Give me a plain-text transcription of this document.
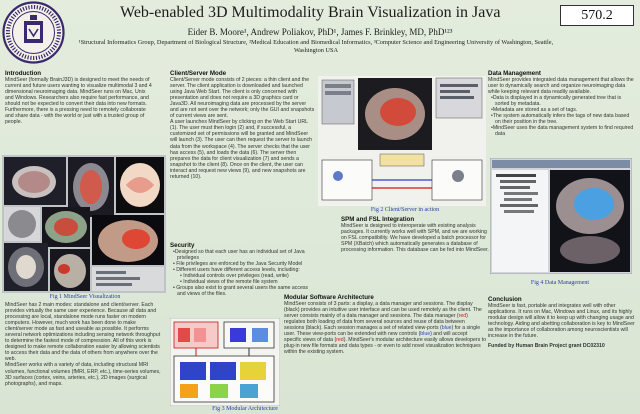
Web-enabled 3D Multimodality Brain Visualization in Java	570.2
Eider B. Moore¹, Andrew Poliakov, PhD¹, James F. Brinkley, MD, PhD¹²³
¹Structural Informatics Group, Department of Biological Structure, ²Medical Education and Biomedical Informatics, ³Computer Science and Engineering University of Washington, Seattle, Washington USA
Introduction

MindSeer (formally BrainJ3D) is designed to meet the needs of current and future users wanting to visualize multimodal 3 and 4 dimensional neuroimaging data. MindSeer runs on Mac, Unix and Windows. Researchers also require fast performance, and should not be expected to convert their data into new formats. Furthermore, there is a pressing need to remotely collaborate and share data - with the world or just with a trusted group of people.

Fig 1 MindSeer Visualization

MindSeer has 2 main modes: standalone and client/server. Each provides virtually the same user experience. Because all data and processing are local, standalone mode runs faster on modern computers. However, much work has been done to make client/server mode as fast and useable as possible. It performs several network optimizations including sensing network throughput to determine the fastest mode of compression. All of this work is designed to make remote collaboration easier by allowing scientists to access their data and the data of others from anywhere over the web.

MindSeer works with a variety of data, including structural MRI volumes, functional volumes (fMRI, ERP, etc.), time-series volumes, 3D surfaces (cortex, veins, arteries, etc.), 2D images (surgical photographs), and maps.

Client/Server Mode

Client/Server mode consists of 2 pieces: a thin client and the server. The client application is downloaded and launched using Java Web Start. The client is only concerned with presentation and does not require a 3D graphics card or Java3D. All neuroimaging data are processed by the server and are not sent over the network; only the GUI and snapshots of current views are sent.

A user launches MindSeer by clicking on the Web Start URL (1). The user must then login (2) and, if successful, a customized set of permissions will be granted and MindSeer will launch (3). The user can then request the server to launch data from the workspace (4). The server checks that the user has access (5), and loads the data (6). The server then prepares the data for client visualization (7) and sends a snapshot to the client (8). Once on the client, the user can interact and request new views (9), and new snapshots are returned (10).

Security

•Designed so that each user has an individual set of Java privileges

• File privileges are enforced by the Java Security Model

• Different users have different access levels, including:

• Individual controls over privileges (read, write)

• Individual views of the remote file system

• Groups also exist to grant several users the same access and views of the files.

Fig 3 Modular Architecture
Fig 2 Client/Server in action
SPM and FSL Integration

MindSeer is designed to interoperate with existing analysis packages. It currently works well with SPM, and we are working on FSL compatibility. We have developed a batch processor for SPM (XBatch) which automatically generates a database of processing information. This database can be fed into MindSeer.

Modular Software Architecture

MindSeer consists of 3 parts: a display, a data manager and sessions. The display (black) provides an intuitive user interface and can be used remotely as the client. The server consists mainly of a data manager and sessions. The data manager (red) regulates both loading of data from several sources and reuse of data between sessions (black). Each session manages a set of related view-ports (blue) for a single user. These view-ports can be extended with new controls (blue) and will accept specific views of data (red). MindSeer's modular architecture easily allows developers to plug-in new file formats and data types - or even to add novel visualization techniques within the existing system.

Data Management

MindSeer provides integrated data management that allows the user to dynamically search and organize neuroimaging data while keeping relevant data readily available.

•Data is displayed in a dynamically generated tree that is sorted by metadata.

•Metadata are stored as a set of tags.

•The system automatically infers the tags of new data based on their position in the tree.

•MindSeer uses the data management system to find required data

Fig 4 Data Management
Conclusion

MindSeer is fast, portable and integrates well with other applications. It runs on Mac, Windows and Linux, and its highly modular design will allow it to keep up with changing usage and technology. Aiding and abetting collaboration is key to MindSeer as the importance of collaboration among neuroscientists will increase in the future.

Funded by Human Brain Project grant DC02310
